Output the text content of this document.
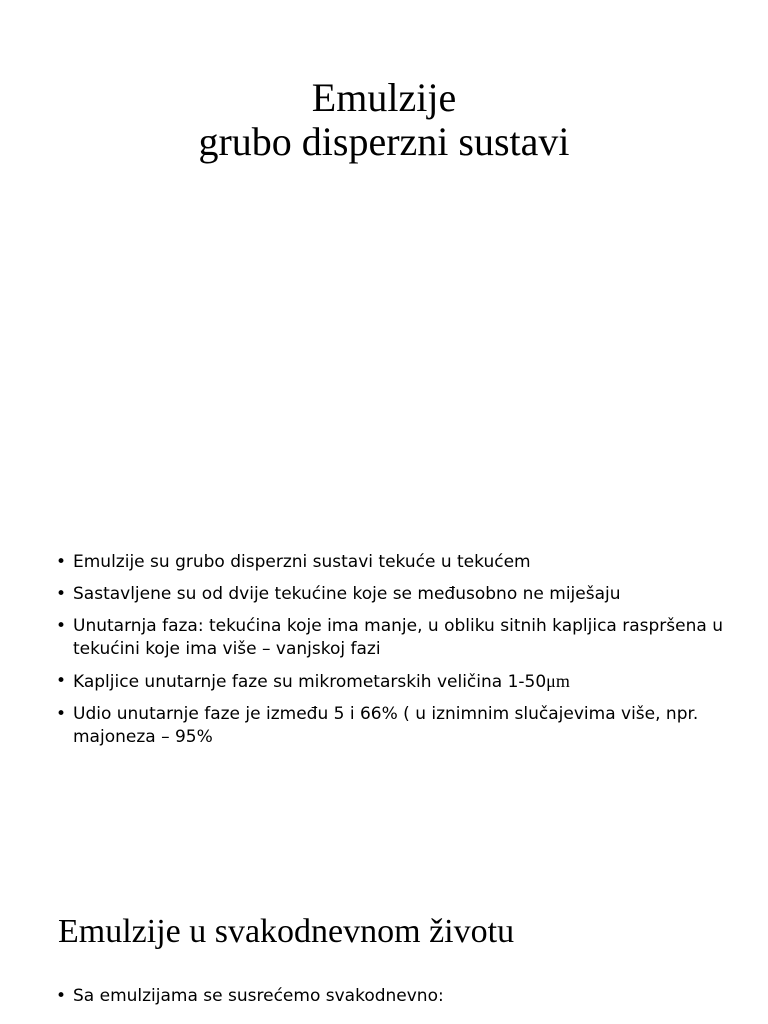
Emulzije
grubo disperzni sustavi
• Emulzije su grubo disperzni sustavi tekuće u tekućem
• Sastavljene su od dvije tekućine koje se međusobno ne miješaju
• Unutarnja faza: tekućina koje ima manje, u obliku sitnih kapljica raspršena u tekućini koje ima više – vanjskoj fazi
• Kapljice unutarnje faze su mikrometarskih veličina 1-50μm
• Udio unutarnje faze je između 5 i 66% ( u iznimnim slučajevima više, npr. majoneza – 95%
Emulzije u svakodnevnom životu
• Sa emulzijama se susrećemo svakodnevno:
